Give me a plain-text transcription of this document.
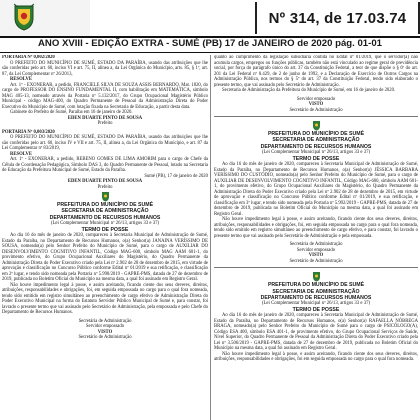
Nº 314, de 17.03.74
ANO XVIII - EDIÇÃO EXTRA - SUMÉ (PB) 17 de JANEIRO de 2020 pág. 01-01
PORTARIA Nº 0,002/2020
O PREFEITO DO MUNICÍPIO DE SUMÉ, ESTADO DA PARAÍBA, usando das atribuições que lhe são conferidas pelo art. 60, inciso VI e art. 75, II, alínea a, da Lei Orgânica do Município, arts. 85, § 1º, art. 87, da Lei Complementar nº 26/2013,
RESOLVE
Art. 1º - EXONERAR, a pedido, FRANCIELE SILVA DE SOUZA ASSIS BERNARDO, Mat. 1820, do cargo de PROFESSOR DO ENSINO FUNDAMENTAL II, com habilitação em MATEMÁTICA, símbolo MAG 405-13, nomeado através da Portaria nº 5.132/2017, do Grupo Ocupacional Magistério Público Municipal - código MAG-400, do Quadro Permanente de Pessoal da Administração Direta do Poder Executivo do Município de Sumé, com lotação fixada na Secretaria de Educação, a partir desta data.
Gabinete do Prefeito de Sumé, Paraíba em 16 de janeiro de 2020.
EDEN DUARTE PINTO DE SOUSA
Prefeito
PORTARIA Nº 0,003/2020
O PREFEITO DO MUNICÍPIO DE SUMÉ, ESTADO DA PARAÍBA, usando das atribuições que lhe são conferidas pelo art. 60, inciso IV e VII e art. 75, II, alínea a, da Lei Orgânica do Município, e art. 87 da Lei Complementar nº 83/2019,
RESOLVE
Art. 1º - EXONERAR, a pedido, REBENO GOMES DE LIMA AMORIM para o cargo de Chefe da Célula de Coordenação Pedagógica, Símbolo DAS 3, do Quadro Permanente de Pessoal, lotado na Secretaria de Educação da Prefeitura Municipal de Sumé, Estado da Paraíba.
Sumé (PB), 17 de janeiro de 2020
EDEN DUARTE PINTO DE SOUSA
Prefeito
PREFEITURA DO MUNICÍPIO DE SUMÉ
SECRETARIA DE ADMINISTRAÇÃO
DEPARTAMENTO DE RECURSOS HUMANOS
(Lei Complementar Municipal nº 26/13, artigos 33 e 37)
TERMO DE POSSE
Ao dia 16 do mês de janeiro de 2020, compareceu à Secretaria Municipal de Administração de Sumé, Estado da Paraíba, no Departamento de Recursos Humanos, o(a) Senhor(a) JANAINA VERÍSSIMO DE SOUSA, nomeado(a) pelo Senhor Prefeito do Município de Sumé, para o cargo de AUXILIAR DO DESENVOLVIMENTO COGNITIVO INFANTIL, Código MAG-600, símbolo MAG AAM 601-1, do provimento efetivo, do Grupo Ocupacional Auxiliares do Magistério, do Quadro Permanente da Administração Direta do Poder Executivo criado pela Lei nº 2.902 de 28 de dezembro de 2015, em virtude de aprovação e classificação no Concurso Público conforme Edital nº 01/2019 e sua retificação, e classificação em 2º lugar, e tendo sido nomeada pela Portaria nº 5.990/2019 - GAPRE-PMS, datada de 27 de dezembro de 2019, publicada no Boletim Oficial do Município na mesma data, a qual foi assinado em Registro Geral.
Não houve impedimento legal à posse, e assim aceitando, ficando ciente dos seus deveres, direitos, atribuições, responsabilidades e obrigações, foi, em seguida empossada no cargo para o qual fora nomeada, tendo sido emitido em registro simultâneo ao preenchimento de cargo efetivo de Administração Direta do Poder Executivo Municipal na forma do Estatuto Servidor Público Municipal de Sumé e, para constar, foi lavrado o presente termo que vai assinado pelo Secretário de Administração, pela empossada e pelo Chefe do Departamento de Recursos Humanos.
Secretária de Administração
Servidor empossado
VISTO
Secretário de Administração
quanto ao cumprimento da legislação subsidiária contida no Edital nº 01/2019, que o servidor(a) não acumula cargos, empregos ou funções públicas, também não está vinculado ao regime geral de previdência social, por força do parágrafo único do art. 37 da Constituição Federal, a teor de que dispõe o § 6º do art. 201 da Lei Federal nº 8.429, de 2 de junho de 1992, e a Declaração de Exercício de Outros Cargos na Administração Pública, nos termos do § 5º do art. 37 da Constituição Federal, tendo sido elaborado o presente termo, que vai assinado pelo Secretário de Administração.
Secretaria de Administração da Prefeitura do Município de Sumé, em 16 de janeiro de 2020.
Servidor empossado
VISTO
Secretário de Administração
PREFEITURA DO MUNICÍPIO DE SUMÉ
SECRETARIA DE ADMINISTRAÇÃO
DEPARTAMENTO DE RECURSOS HUMANOS
(Lei Complementar Municipal nº 26/13, artigos 33 e 37)
TERMO DE POSSE
Ao dia 16 do mês de janeiro de 2020, compareceu à Secretaria Municipal de Administração de Sumé, Estado da Paraíba, no Departamento de Recursos Humanos, o(a) Senhor(a) JÉSSICA BARBARA VERÍSSIMO DO CUSTÓDIO, nomeado(a) pelo Senhor Prefeito do Município de Sumé, para o cargo de AUXILIAR DE DESENVOLVIMENTO COGNITIVO INFANTIL, Código MAG-600, símbolo AAM 601-1, do provimento efetivo, do Grupo Ocupacional Auxiliares do Magistério, do Quadro Permanente da Administração Direta do Poder Executivo criado pela Lei nº 2.902 de 28 de dezembro de 2015, em virtude de aprovação e classificação no Concurso Público conforme Edital nº 01/2019, e sua retificação, e classificação em 3º lugar, e tendo sido nomeada pela Portaria nº 5.992/2019 - GAPRE-PMS, datada de 27 de dezembro de 2019, publicada no Boletim Oficial do Município na mesma data, a qual foi assinado em Registro Geral.
Não houve impedimento legal à posse, e assim aceitando, ficando ciente dos seus deveres, direitos, atribuições, responsabilidades e obrigações, foi, em seguida empossada no cargo para o qual fora nomeada, tendo sido emitido em registro simultâneo ao preenchimento de cargo efetivo, e para constar, foi lavrado o presente termo que vai assinado pelo Secretário de Administração e pela empossada.
Secretária de Administração
Servidor empossado
VISTO
Secretário de Administração
PREFEITURA DO MUNICÍPIO DE SUMÉ
SECRETARIA DE ADMINISTRAÇÃO
DEPARTAMENTO DE RECURSOS HUMANOS
(Lei Complementar Municipal nº 26/13, artigos 33 e 37)
TERMO DE POSSE
Ao dia 16 do mês de janeiro de 2020, compareceu à Secretaria Municipal de Administração de Sumé, Estado da Paraíba, no Departamento de Recursos Humanos, o(a) Senhor(a) RAFAELLA NÓBREGA BRAGA, nomeado(a) pelo Senhor Prefeito do Município de Sumé para o cargo de PSICÓLOGO(A), Código ESA 400, símbolo ESA 401-1, de provimento efetivo, do Grupo Ocupacional Serviços de Saúde, Nível Superior, do Quadro Permanente de Pessoal da Administração Direta do Poder Executivo criado pela Lei nº 3.506/2019 - GAPRE-PMS, datada de 27 de dezembro de 2019, publicada no Boletim Oficial do Município na mesma data, a qual foi assinado em Registro Geral.
Não houve impedimento legal à posse, e assim aceitando, ficando ciente dos seus deveres, direitos, atribuições, responsabilidades e obrigações, foi em seguida empossada no cargo para o qual fora nomeada.
